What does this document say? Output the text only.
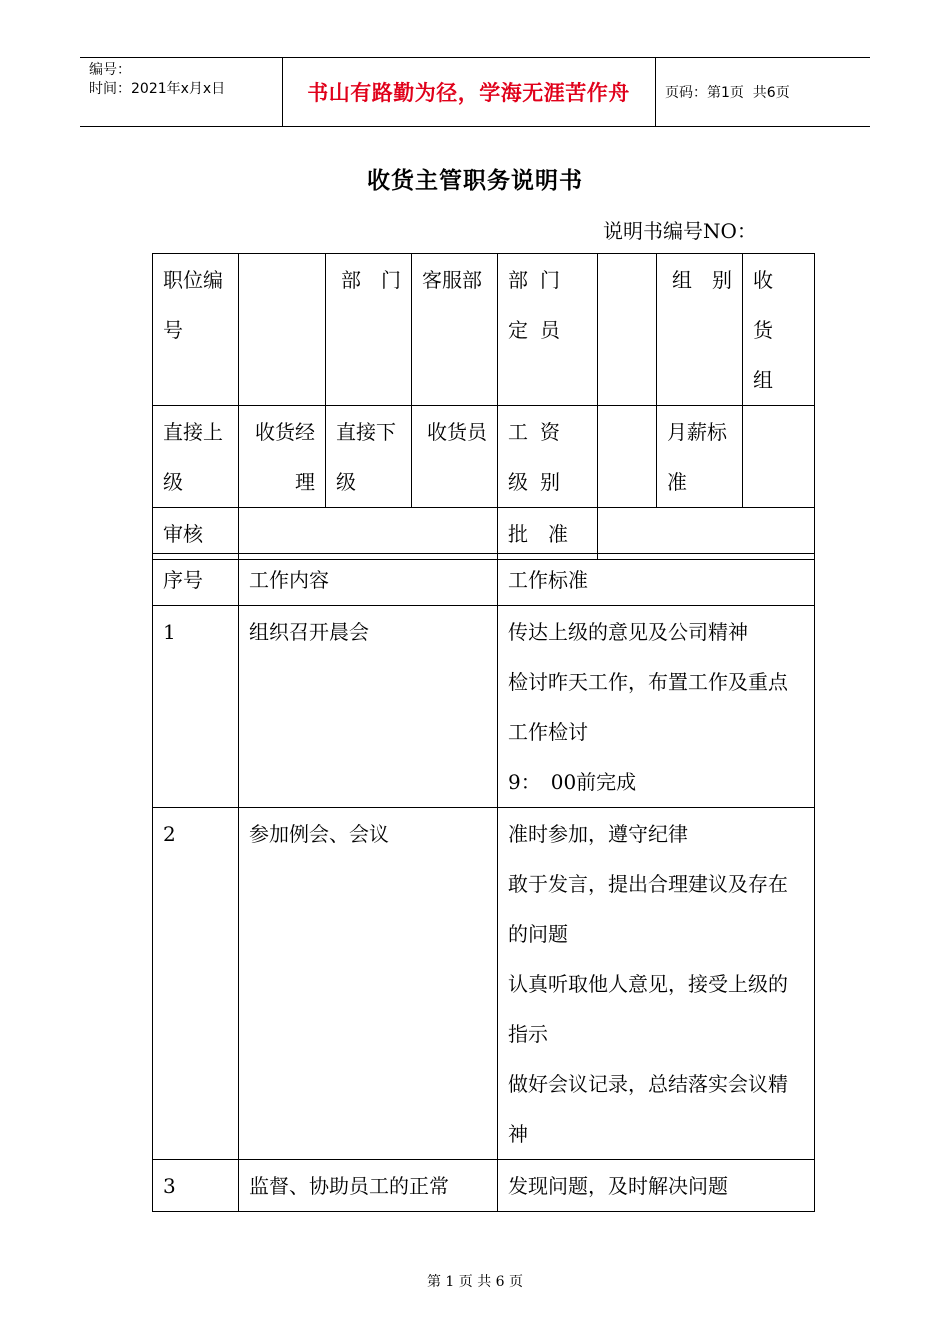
编号：
时间：2021年x月x日	书山有路勤为径，学海无涯苦作舟	页码：第1页  共6页
收货主管职务说明书
说明书编号NO：
职位编号		部　门	客服部	部门定员		组　别	收货组
直接上级	收货经理	直接下级	收货员	工资级别		月薪标准	
审核				批　准			
序号	工作内容	工作标准
1	组织召开晨会	传达上级的意见及公司精神
检讨昨天工作，布置工作及重点工作检讨
9：　00前完成

2	参加例会、会议	准时参加，遵守纪律
敢于发言，提出合理建议及存在的问题
认真听取他人意见，接受上级的指示
做好会议记录，总结落实会议精神

3	监督、协助员工的正常	发现问题，及时解决问题
第 1 页 共 6 页
